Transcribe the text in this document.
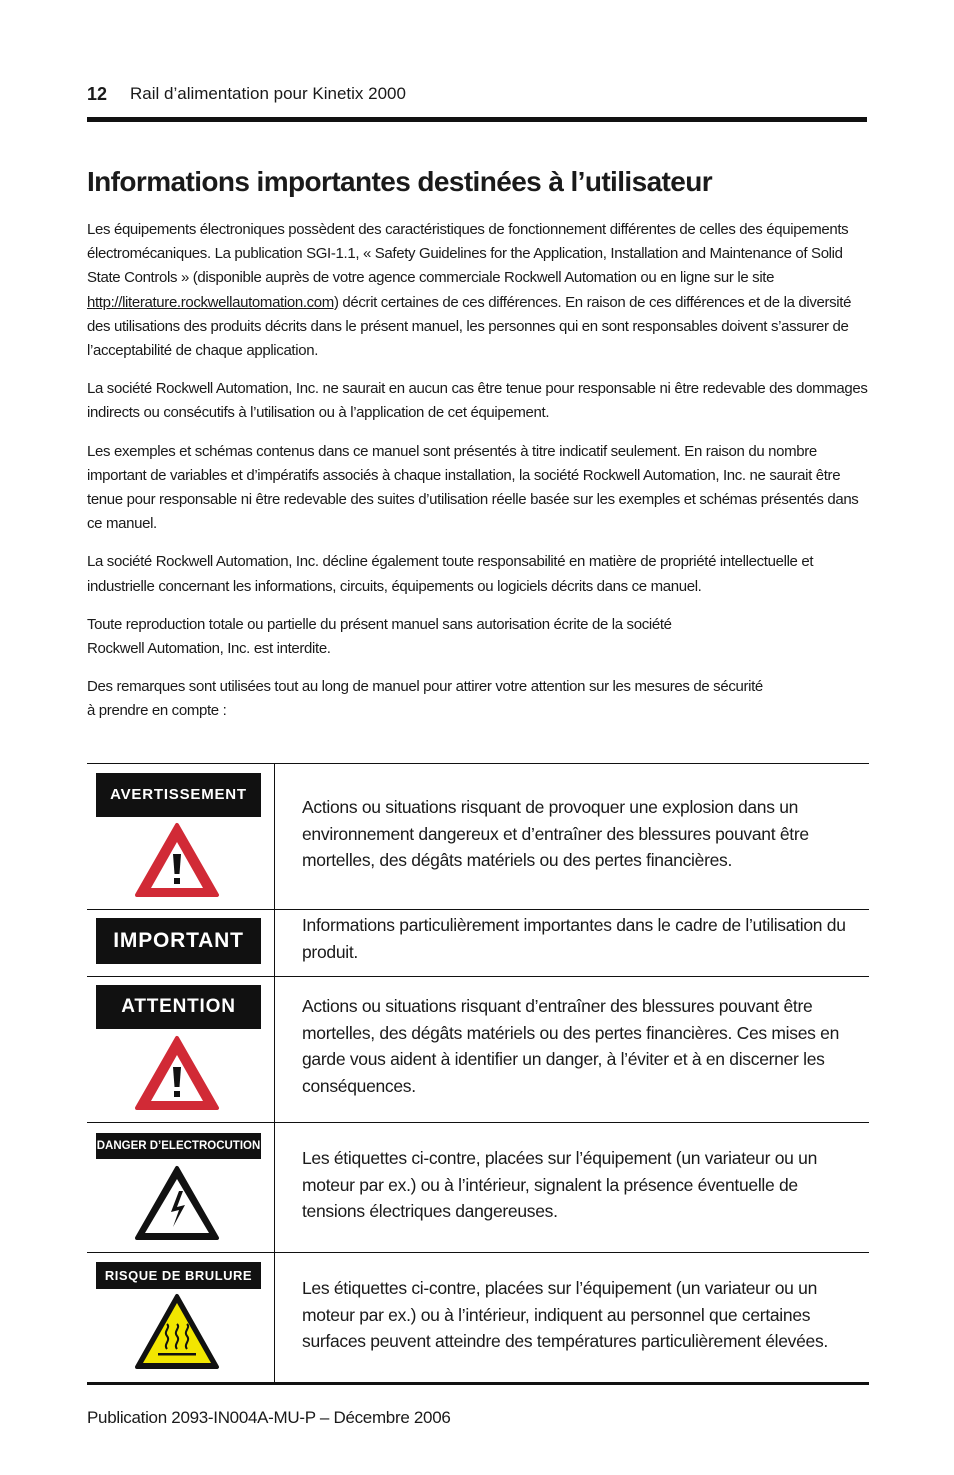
12 Rail d’alimentation pour Kinetix 2000
Informations importantes destinées à l’utilisateur

Les équipements électroniques possèdent des caractéristiques de fonctionnement différentes de celles des équipements électromécaniques. La publication SGI-1.1, « Safety Guidelines for the Application, Installation and Maintenance of Solid State Controls » (disponible auprès de votre agence commerciale Rockwell Automation ou en ligne sur le site http://literature.rockwellautomation.com) décrit certaines de ces différences. En raison de ces différences et de la diversité des utilisations des produits décrits dans le présent manuel, les personnes qui en sont responsables doivent s’assurer de l’acceptabilité de chaque application.

La société Rockwell Automation, Inc. ne saurait en aucun cas être tenue pour responsable ni être redevable des dommages indirects ou consécutifs à l’utilisation ou à l’application de cet équipement.

Les exemples et schémas contenus dans ce manuel sont présentés à titre indicatif seulement. En raison du nombre important de variables et d’impératifs associés à chaque installation, la société Rockwell Automation, Inc. ne saurait être tenue pour responsable ni être redevable des suites d’utilisation réelle basée sur les exemples et schémas présentés dans ce manuel.

La société Rockwell Automation, Inc. décline également toute responsabilité en matière de propriété intellectuelle et industrielle concernant les informations, circuits, équipements ou logiciels décrits dans ce manuel.

Toute reproduction totale ou partielle du présent manuel sans autorisation écrite de la société
Rockwell Automation, Inc. est interdite.

Des remarques sont utilisées tout au long de manuel pour attirer votre attention sur les mesures de sécurité
à prendre en compte :

AVERTISSEMENT
Actions ou situations risquant de provoquer une explosion dans un environnement dangereux et d’entraîner des blessures pouvant être mortelles, des dégâts matériels ou des pertes financières.
IMPORTANT
Informations particulièrement importantes dans le cadre de l’utilisation du produit.
ATTENTION	Actions ou situations risquant d’entraîner des blessures pouvant être mortelles, des dégâts matériels ou des pertes financières. Ces mises en garde vous aident à identifier un danger, à l’éviter et à en discerner les conséquences.
DANGER D’ELECTROCUTION
Les étiquettes ci-contre, placées sur l’équipement (un variateur ou un moteur par ex.) ou à l’intérieur, signalent la présence éventuelle de tensions électriques dangereuses.
RISQUE DE BRULURE
Les étiquettes ci-contre, placées sur l’équipement (un variateur ou un moteur par ex.) ou à l’intérieur, indiquent au personnel que certaines surfaces peuvent atteindre des températures particulièrement élevées.
Publication 2093-IN004A-MU-P – Décembre 2006
